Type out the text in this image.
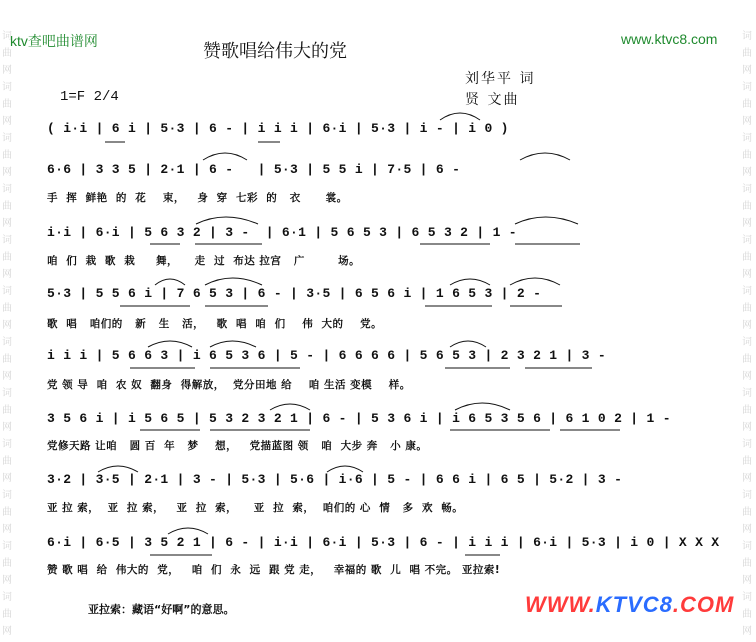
词
曲
网
词
曲
网
词
曲
网
词
曲
网
词
曲
网
词
曲
网
词
曲
网
词
曲
网
词
曲
网
词
曲
网
词
曲
网
词
曲
网
词
曲
网
词
曲
网
词
曲
网
词
曲
网
词
曲
网
词
曲
网
词
曲
网
词
曲
网
词
曲
网
词
曲
网
词
曲
网
词
曲
网
ktv查吧曲谱网	www.ktvc8.com
赞歌唱给伟大的党
刘华平 词
贤 文曲
1=F 2/4
( i·i | 6 i | 5·3 | 6 - | i i i | 6·i | 5·3 | i - | i 0 )
6·6 | 3 3 5 | 2·1 | 6 -   | 5·3 | 5 5 i | 7·5 | 6 -
手  挥  鲜艳  的  花    束，   身  穿  七彩  的   衣      裳。
i·i | 6·i | 5 6 3 2 | 3 -  | 6·1 | 5 6 5 3 | 6 5 3 2 | 1 -
咱  们  栽  歌  栽     舞，    走  过  布达 拉宫   广        场。
5·3 | 5 5 6 i | 7 6 5 3 | 6 - | 3·5 | 6 5 6 i | 1 6 5 3 | 2 -
歌  唱   咱们的   新   生   活，   歌  唱  咱  们    伟  大的    党。
i i i | 5 6 6 3 | i 6 5 3 6 | 5 - | 6 6 6 6 | 5 6 5 3 | 2 3 2 1 | 3 -
党 领 导  咱  农 奴  翻身  得解放，  党分田地 给    咱 生活 变模    样。
3 5 6 i | i 5 6 5 | 5 3 2 3 2 1 | 6 - | 5 3 6 i | i 6 5 3 5 6 | 6 1 0 2 | 1 -
党修天路 让咱   圆 百  年   梦    想，   党描蓝图 领   咱  大步 奔   小 康。
3·2 | 3·5 | 2·1 | 3 - | 5·3 | 5·6 | i·6 | 5 - | 6 6 i | 6 5 | 5·2 | 3 -
亚 拉 索，  亚  拉 索，   亚  拉  索，    亚  拉  索，  咱们的 心  情   多  欢  畅。
6·i | 6·5 | 3 5 2 1 | 6 - | i·i | 6·i | 5·3 | 6 - | i i i | 6·i | 5·3 | i 0 | X X X
赞 歌 唱  给  伟大的  党，   咱  们  永  远  跟 党 走，   幸福的 歌  儿  唱 不完。 亚拉索!
亚拉索：藏语“好啊”的意思。	WWW.KTVC8.COM
